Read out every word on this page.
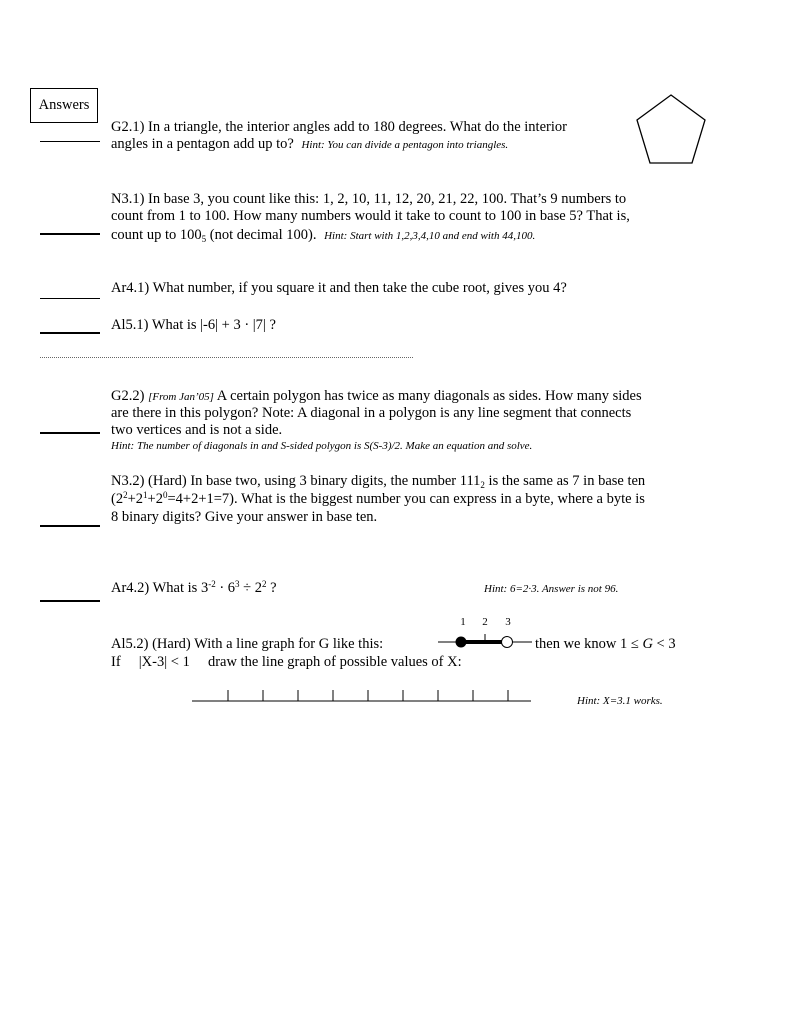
Answers
G2.1) In a triangle, the interior angles add to 180 degrees. What do the interior
angles in a pentagon add up to? Hint: You can divide a pentagon into triangles.
N3.1) In base 3, you count like this: 1, 2, 10, 11, 12, 20, 21, 22, 100. That’s 9 numbers to
count from 1 to 100. How many numbers would it take to count to 100 in base 5? That is,
count up to $100_5$ (not decimal 100). Hint: Start with 1,2,3,4,10 and end with 44,100.
Ar4.1) What number, if you square it and then take the cube root, gives you 4?
Al5.1) What is |-6| + 3 · |7| ?
G2.2) [From Jan’05] A certain polygon has twice as many diagonals as sides. How many sides
are there in this polygon? Note: A diagonal in a polygon is any line segment that connects
two vertices and is not a side.
Hint: The number of diagonals in and S-sided polygon is S(S-3)/2. Make an equation and solve.
N3.2) (Hard) In base two, using 3 binary digits, the number $111_2$ is the same as 7 in base ten
$(2^2+2^1+2^0=4+2+1=7)$. What is the biggest number you can express in a byte, where a byte is
8 binary digits? Give your answer in base ten.
Ar4.2) What is $3^{-2} \cdot 6^3 \div 2^2$ ?	Hint: 6=2·3. Answer is not 96.
Al5.2) (Hard) With a line graph for G like this:
1 2 3
then we know 1 ≤ G < 3
If     |X-3| < 1     draw the line graph of possible values of X:
Hint: X=3.1 works.
